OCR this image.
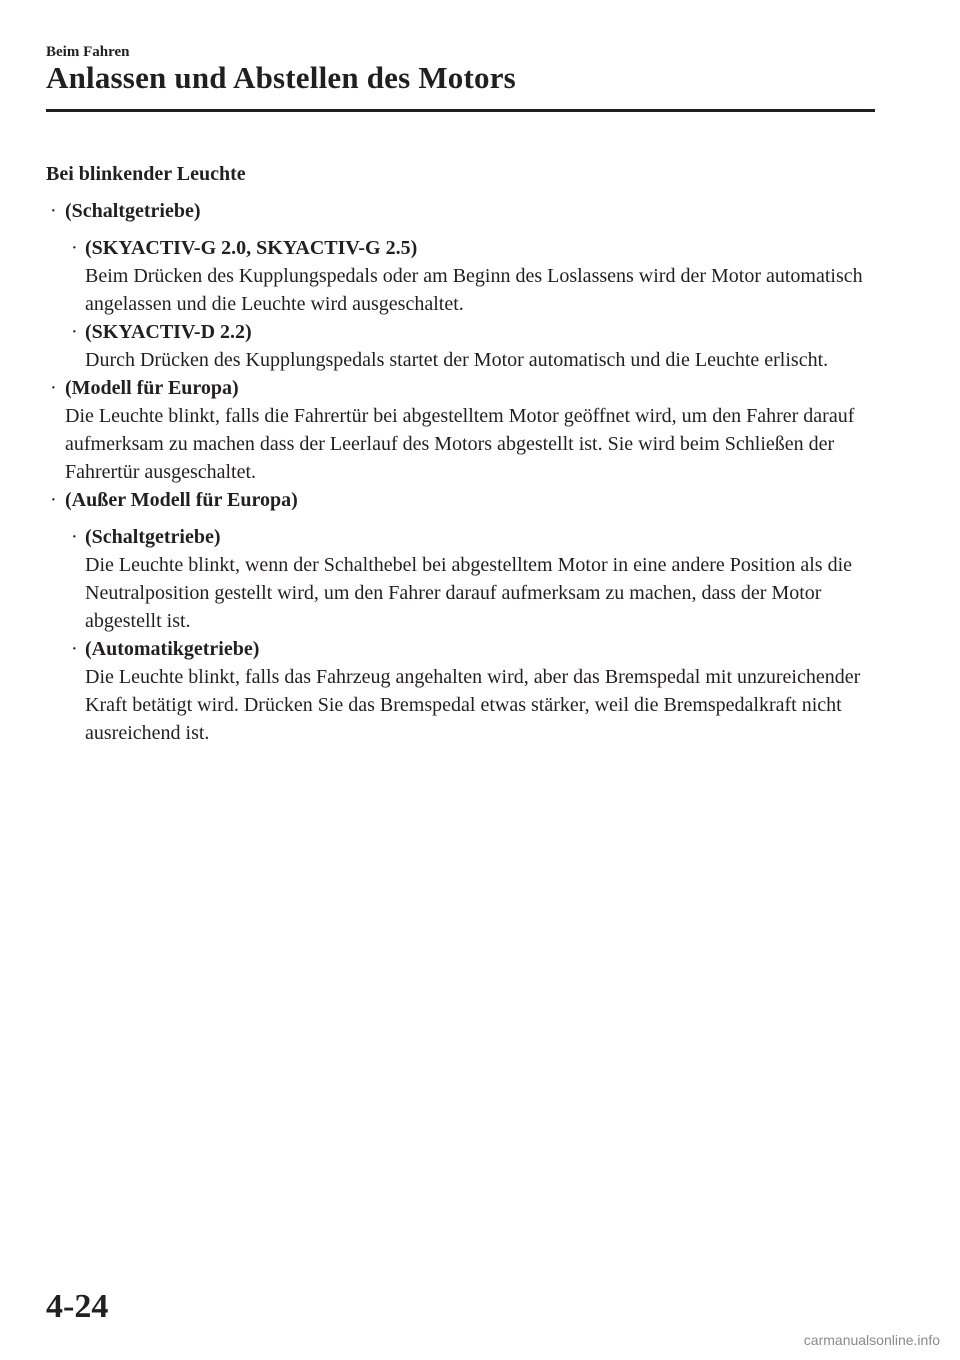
Beim Fahren
Anlassen und Abstellen des Motors
Bei blinkender Leuchte
· (Schaltgetriebe)
· (SKYACTIV-G 2.0, SKYACTIV-G 2.5)
Beim Drücken des Kupplungspedals oder am Beginn des Loslassens wird der Motor automatisch angelassen und die Leuchte wird ausgeschaltet.
· (SKYACTIV-D 2.2)
Durch Drücken des Kupplungspedals startet der Motor automatisch und die Leuchte erlischt.
· (Modell für Europa)
Die Leuchte blinkt, falls die Fahrertür bei abgestelltem Motor geöffnet wird, um den Fahrer darauf aufmerksam zu machen dass der Leerlauf des Motors abgestellt ist. Sie wird beim Schließen der Fahrertür ausgeschaltet.
· (Außer Modell für Europa)
· (Schaltgetriebe)
Die Leuchte blinkt, wenn der Schalthebel bei abgestelltem Motor in eine andere Position als die Neutralposition gestellt wird, um den Fahrer darauf aufmerksam zu machen, dass der Motor abgestellt ist.
· (Automatikgetriebe)
Die Leuchte blinkt, falls das Fahrzeug angehalten wird, aber das Bremspedal mit unzureichender Kraft betätigt wird. Drücken Sie das Bremspedal etwas stärker, weil die Bremspedalkraft nicht ausreichend ist.
4-24
carmanualsonline.info
